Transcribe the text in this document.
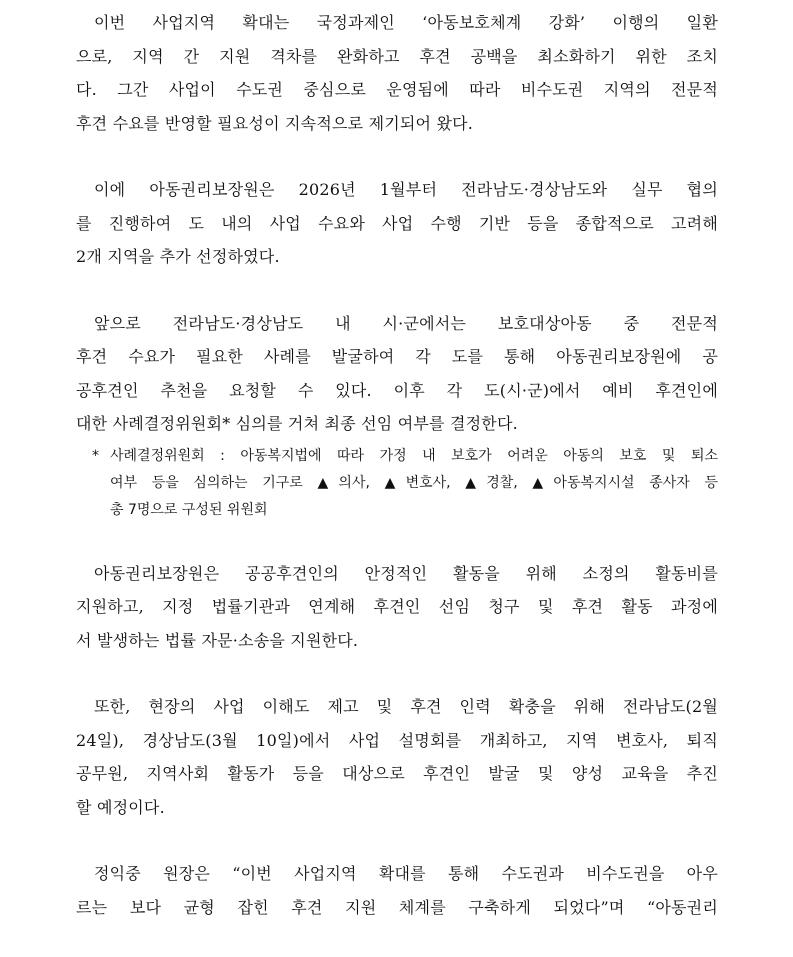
이번 사업지역 확대는 국정과제인 ‘아동보호체계 강화’ 이행의 일환
으로, 지역 간 지원 격차를 완화하고 후견 공백을 최소화하기 위한 조치
다. 그간 사업이 수도권 중심으로 운영됨에 따라 비수도권 지역의 전문적
후견 수요를 반영할 필요성이 지속적으로 제기되어 왔다.

이에 아동권리보장원은 2026년 1월부터 전라남도·경상남도와 실무 협의
를 진행하여 도 내의 사업 수요와 사업 수행 기반 등을 종합적으로 고려해
2개 지역을 추가 선정하였다.

앞으로 전라남도·경상남도 내 시·군에서는 보호대상아동 중 전문적
후견 수요가 필요한 사례를 발굴하여 각 도를 통해 아동권리보장원에 공
공후견인 추천을 요청할 수 있다. 이후 각 도(시·군)에서 예비 후견인에
대한 사례결정위원회* 심의를 거쳐 최종 선임 여부를 결정한다.

* 사례결정위원회 : 아동복지법에 따라 가정 내 보호가 어려운 아동의 보호 및 퇴소
여부 등을 심의하는 기구로 ▲의사, ▲변호사, ▲경찰, ▲아동복지시설 종사자 등
총 7명으로 구성된 위원회

아동권리보장원은 공공후견인의 안정적인 활동을 위해 소정의 활동비를
지원하고, 지정 법률기관과 연계해 후견인 선임 청구 및 후견 활동 과정에
서 발생하는 법률 자문·소송을 지원한다.

또한, 현장의 사업 이해도 제고 및 후견 인력 확충을 위해 전라남도(2월
24일), 경상남도(3월 10일)에서 사업 설명회를 개최하고, 지역 변호사, 퇴직
공무원, 지역사회 활동가 등을 대상으로 후견인 발굴 및 양성 교육을 추진
할 예정이다.

정익중 원장은 “이번 사업지역 확대를 통해 수도권과 비수도권을 아우
르는 보다 균형 잡힌 후견 지원 체계를 구축하게 되었다”며 “아동권리
